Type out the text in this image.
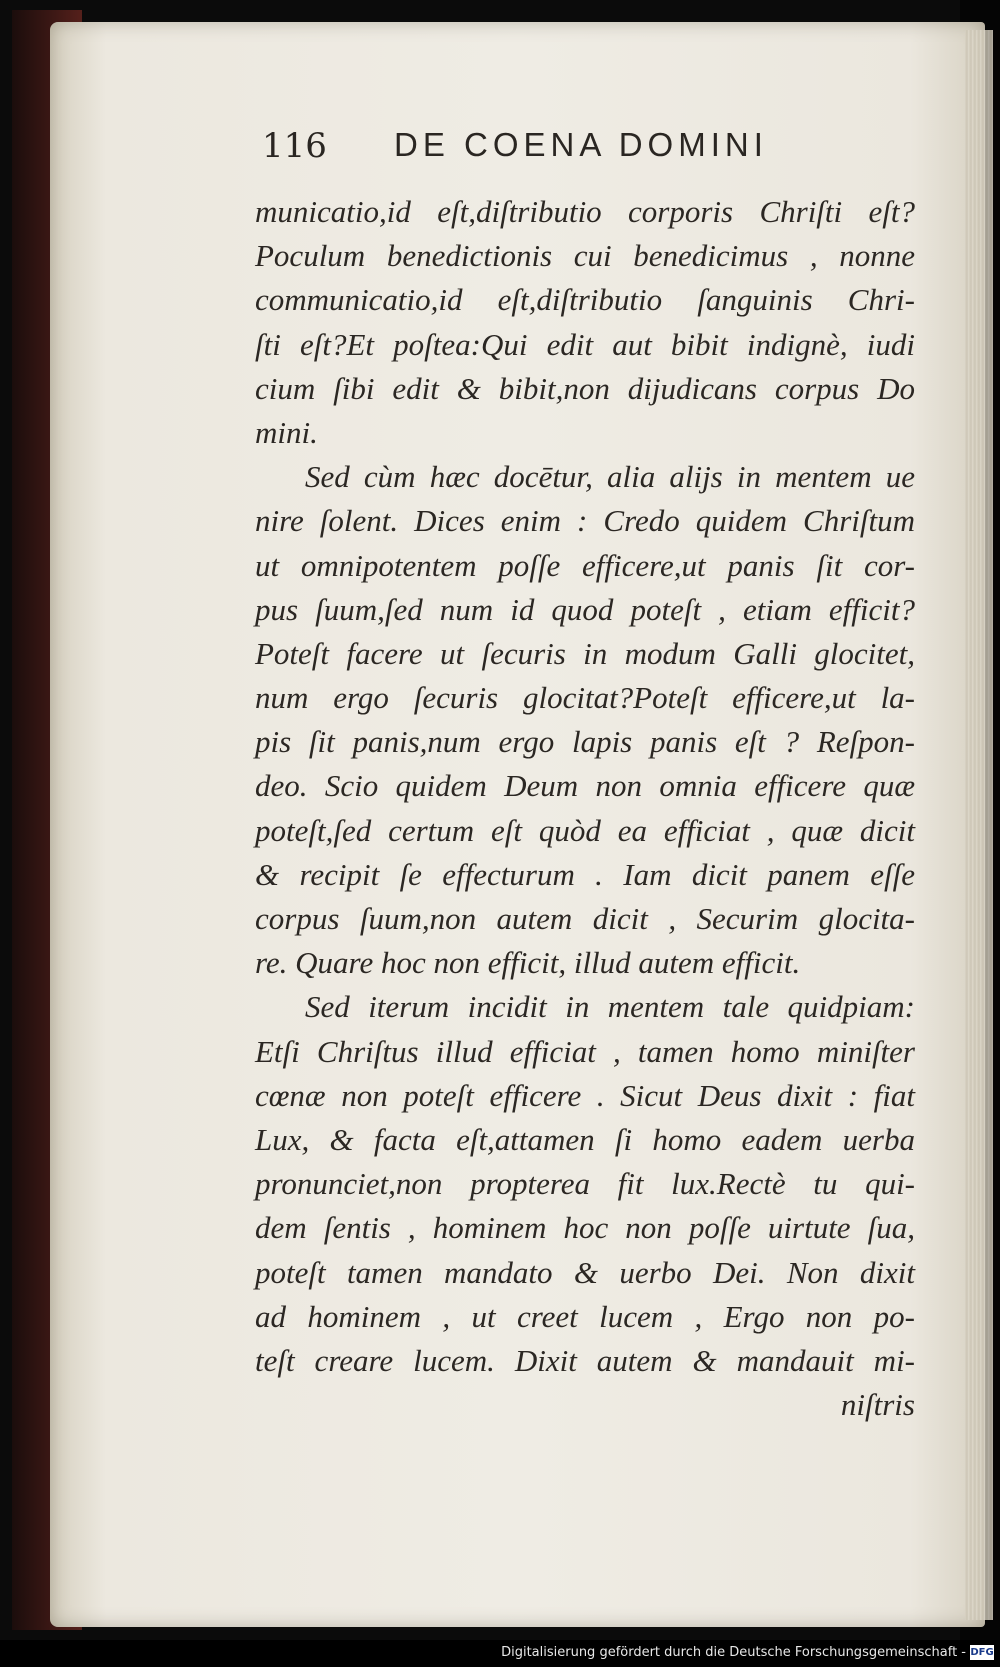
116 DE COENA DOMINI
municatio,id eſt,diſtributio corporis Chriſti eſt?
Poculum benedictionis cui benedicimus , nonne
communicatio,id eſt,diſtributio ſanguinis Chri-
ſti eſt?Et poſtea:Qui edit aut bibit indignè, iudi
cium ſibi edit & bibit,non dijudicans corpus Do
mini.
Sed cùm hæc docētur, alia alijs in mentem ue
nire ſolent. Dices enim : Credo quidem Chriſtum
ut omnipotentem poſſe efficere,ut panis ſit cor-
pus ſuum,ſed num id quod poteſt , etiam efficit?
Poteſt facere ut ſecuris in modum Galli glocitet,
num ergo ſecuris glocitat?Poteſt efficere,ut la-
pis ſit panis,num ergo lapis panis eſt ? Reſpon-
deo. Scio quidem Deum non omnia efficere quæ
poteſt,ſed certum eſt quòd ea efficiat , quæ dicit
& recipit ſe effecturum . Iam dicit panem eſſe
corpus ſuum,non autem dicit , Securim glocita-
re. Quare hoc non efficit, illud autem efficit.
Sed iterum incidit in mentem tale quidpiam:
Etſi Chriſtus illud efficiat , tamen homo miniſter
cœnæ non poteſt efficere . Sicut Deus dixit : fiat
Lux, & facta eſt,attamen ſi homo eadem uerba
pronunciet,non propterea fit lux.Rectè tu qui-
dem ſentis , hominem hoc non poſſe uirtute ſua,
poteſt tamen mandato & uerbo Dei. Non dixit
ad hominem , ut creet lucem , Ergo non po-
teſt creare lucem. Dixit autem & mandauit mi-
niſtris
Digitalisierung gefördert durch die Deutsche Forschungsgemeinschaft - DFG
